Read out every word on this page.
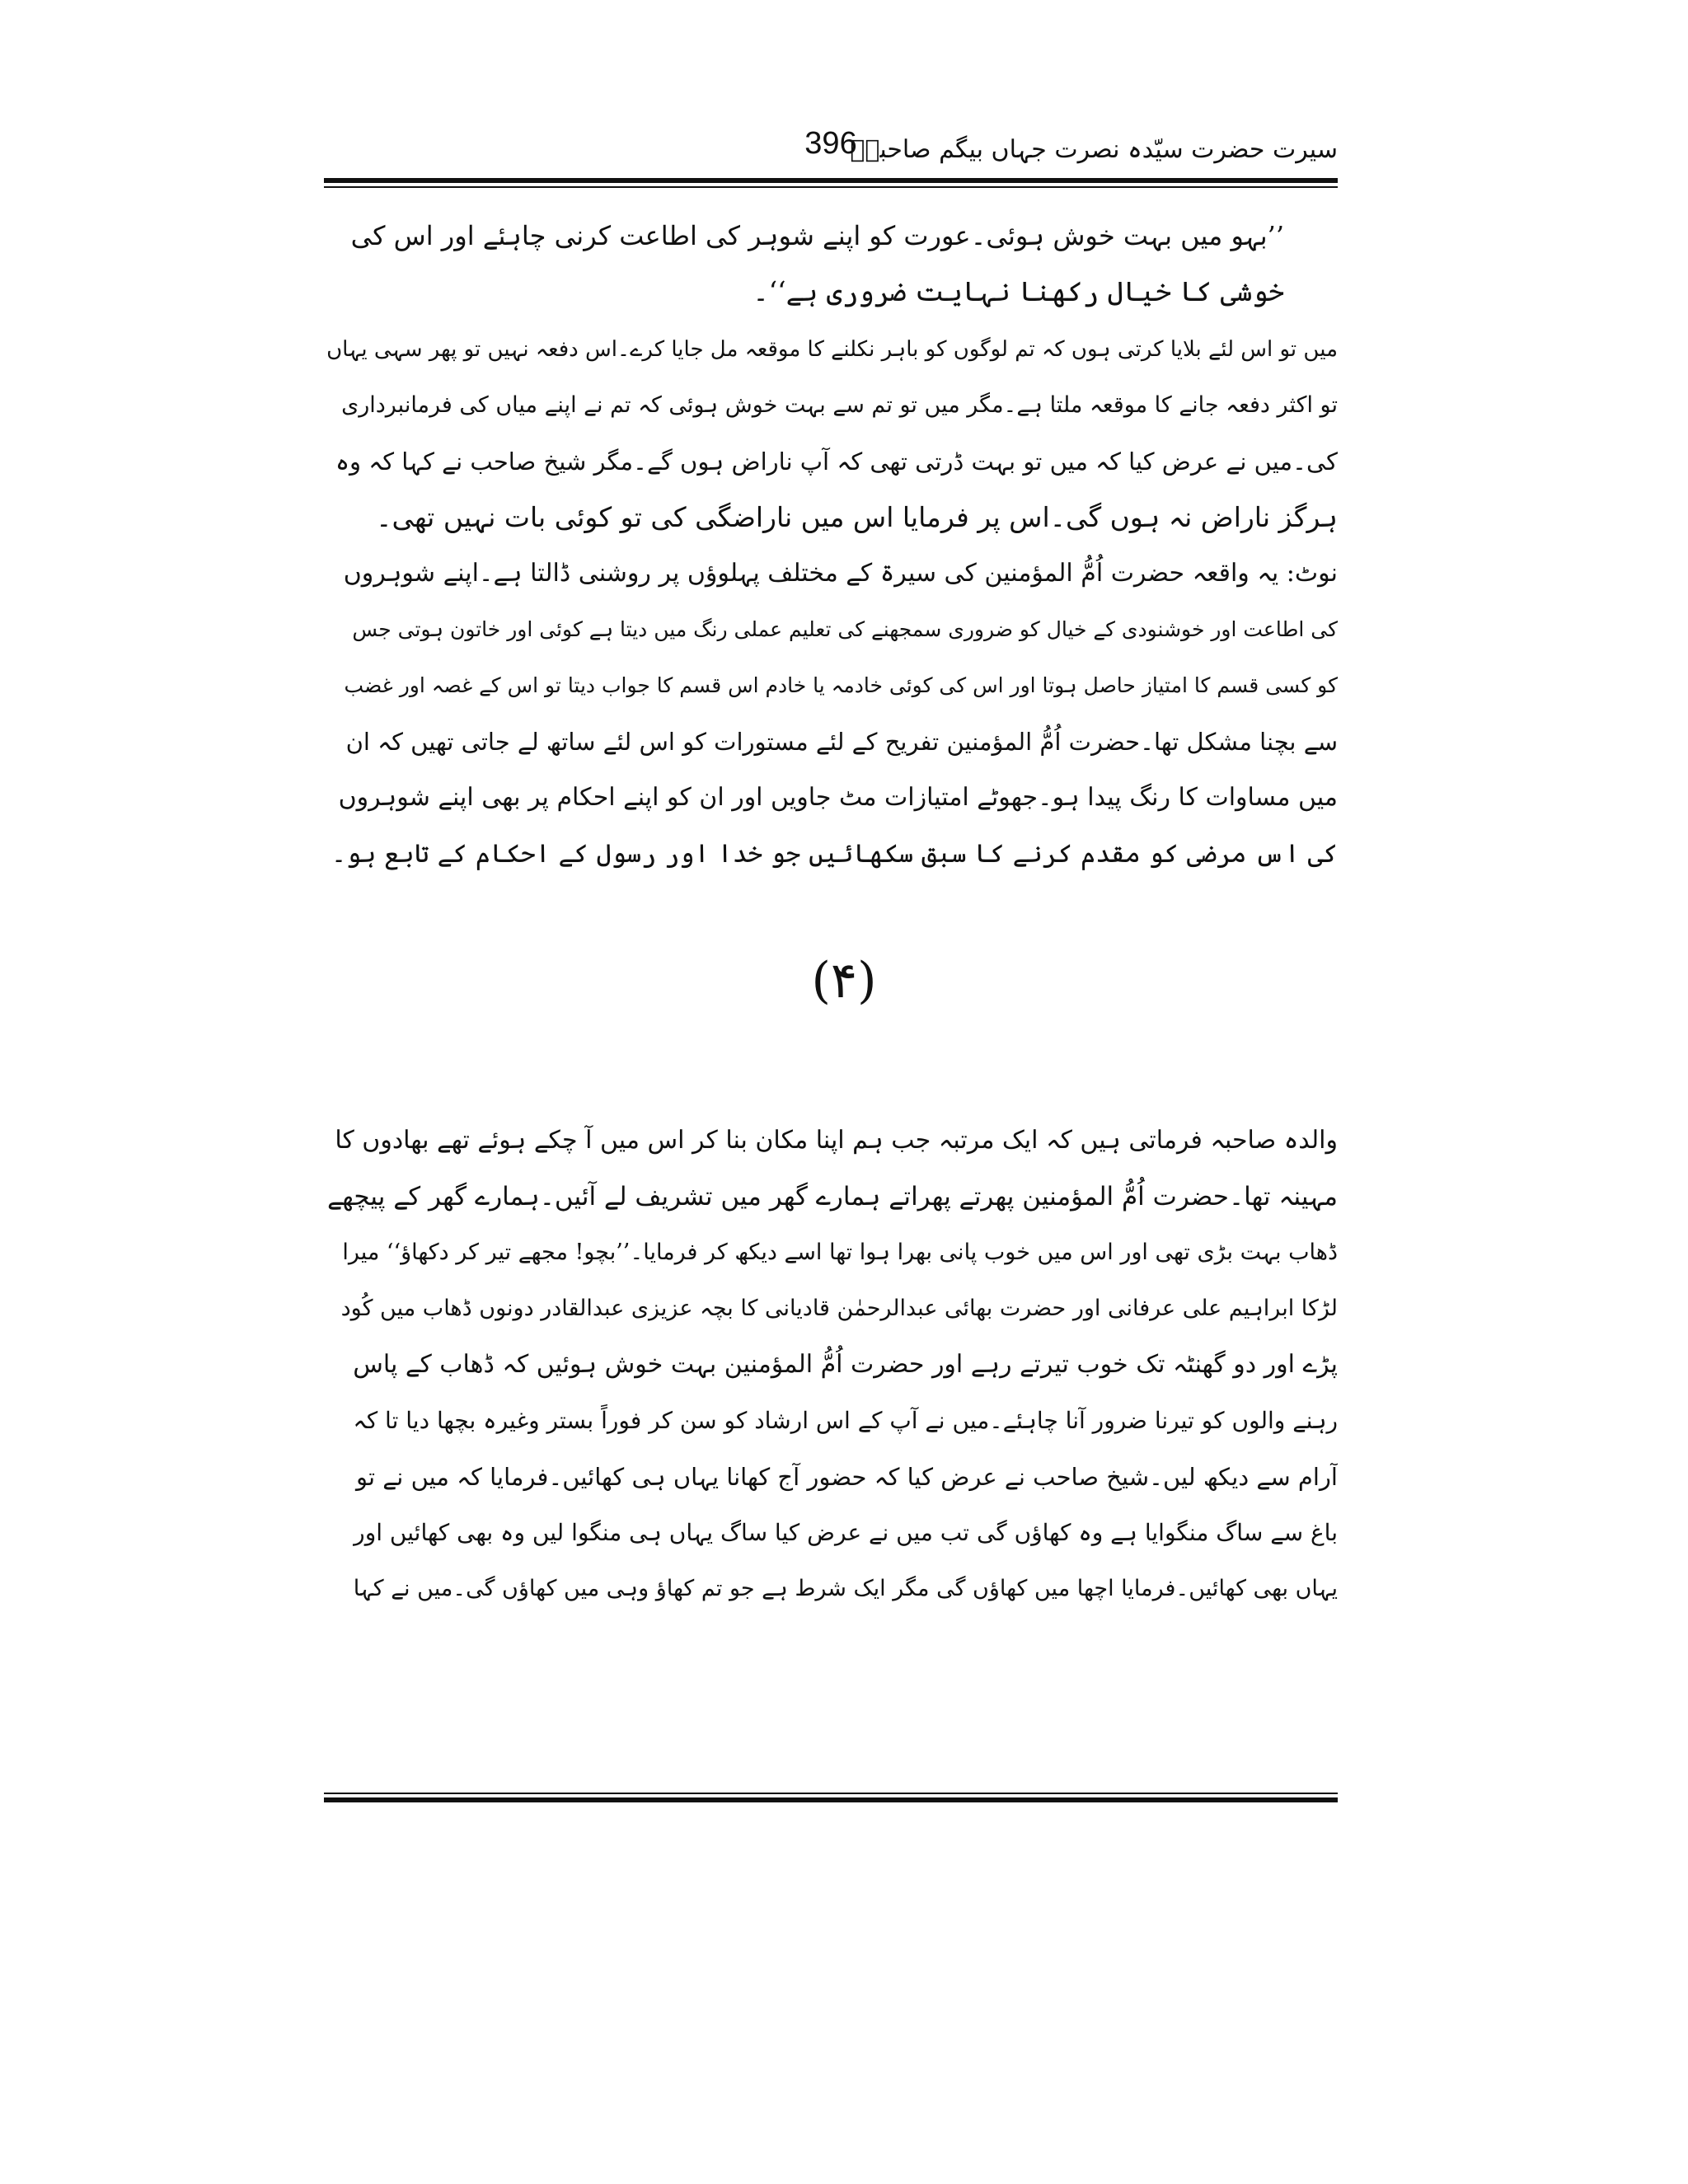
سیرت حضرت سیّدہ نصرت جہاں بیگم صاحبہؓ
396
’’بہو میں بہت خوش ہوئی۔عورت کو اپنے شوہر کی اطاعت کرنی چاہئے اور اس کی
خوشی کا خیال رکھنا نہایت ضروری ہے‘‘۔
میں تو اس لئے بلایا کرتی ہوں کہ تم لوگوں کو باہر نکلنے کا موقعہ مل جایا کرے۔اس دفعہ نہیں تو پھر سہی یہاں
تو اکثر دفعہ جانے کا موقعہ ملتا ہے۔مگر میں تو تم سے بہت خوش ہوئی کہ تم نے اپنے میاں کی فرمانبرداری
کی۔میں نے عرض کیا کہ میں تو بہت ڈرتی تھی کہ آپ ناراض ہوں گے۔مگر شیخ صاحب نے کہا کہ وہ
ہرگز ناراض نہ ہوں گی۔اس پر فرمایا اس میں ناراضگی کی تو کوئی بات نہیں تھی۔
نوٹ: یہ واقعہ حضرت اُمُّ المؤمنین کی سیرۃ کے مختلف پہلوؤں پر روشنی ڈالتا ہے۔اپنے شوہروں
کی اطاعت اور خوشنودی کے خیال کو ضروری سمجھنے کی تعلیم عملی رنگ میں دیتا ہے کوئی اور خاتون ہوتی جس
کو کسی قسم کا امتیاز حاصل ہوتا اور اس کی کوئی خادمہ یا خادم اس قسم کا جواب دیتا تو اس کے غصہ اور غضب
سے بچنا مشکل تھا۔حضرت اُمُّ المؤمنین تفریح کے لئے مستورات کو اس لئے ساتھ لے جاتی تھیں کہ ان
میں مساوات کا رنگ پیدا ہو۔جھوٹے امتیازات مٹ جاویں اور ان کو اپنے احکام پر بھی اپنے شوہروں
کی اس مرضی کو مقدم کرنے کا سبق سکھائیں جو خدا اور رسول کے احکام کے تابع ہو۔
(۴)
والدہ صاحبہ فرماتی ہیں کہ ایک مرتبہ جب ہم اپنا مکان بنا کر اس میں آ چکے ہوئے تھے بھادوں کا
مہینہ تھا۔حضرت اُمُّ المؤمنین پھرتے پھراتے ہمارے گھر میں تشریف لے آئیں۔ہمارے گھر کے پیچھے
ڈھاب بہت بڑی تھی اور اس میں خوب پانی بھرا ہوا تھا اسے دیکھ کر فرمایا۔’’بچو! مجھے تیر کر دکھاؤ‘‘ میرا
لڑکا ابراہیم علی عرفانی اور حضرت بھائی عبدالرحمٰن قادیانی کا بچہ عزیزی عبدالقادر دونوں ڈھاب میں کُود
پڑے اور دو گھنٹہ تک خوب تیرتے رہے اور حضرت اُمُّ المؤمنین بہت خوش ہوئیں کہ ڈھاب کے پاس
رہنے والوں کو تیرنا ضرور آنا چاہئے۔میں نے آپ کے اس ارشاد کو سن کر فوراً بستر وغیرہ بچھا دیا تا کہ
آرام سے دیکھ لیں۔شیخ صاحب نے عرض کیا کہ حضور آج کھانا یہاں ہی کھائیں۔فرمایا کہ میں نے تو
باغ سے ساگ منگوایا ہے وہ کھاؤں گی تب میں نے عرض کیا ساگ یہاں ہی منگوا لیں وہ بھی کھائیں اور
یہاں بھی کھائیں۔فرمایا اچھا میں کھاؤں گی مگر ایک شرط ہے جو تم کھاؤ وہی میں کھاؤں گی۔میں نے کہا
